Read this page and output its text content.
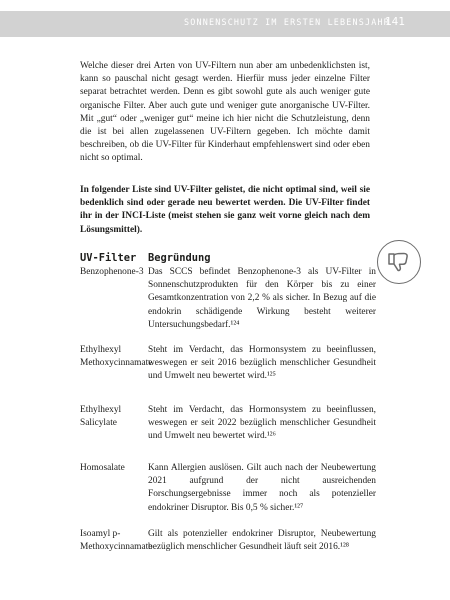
SONNENSCHUTZ IM ERSTEN LEBENSJAHR
141

Welche dieser drei Arten von UV-Filtern nun aber am unbedenklichsten ist, kann so pauschal nicht gesagt werden. Hierfür muss jeder einzelne Filter separat betrachtet werden. Denn es gibt sowohl gute als auch weniger gute organische Filter. Aber auch gute und weniger gute anorganische UV-Filter. Mit „gut“ oder „weniger gut“ meine ich hier nicht die Schutzleistung, denn die ist bei allen zugelassenen UV-Filtern gegeben. Ich möchte damit beschreiben, ob die UV-Filter für Kinderhaut empfehlenswert sind oder eben nicht so optimal.

In folgender Liste sind UV-Filter gelistet, die nicht optimal sind, weil sie bedenklich sind oder gerade neu bewertet werden. Die UV-Filter findet ihr in der INCI-Liste (meist stehen sie ganz weit vorne gleich nach dem Lösungsmittel).

UV-Filter Begründung
Benzophenone-3 Das SCCS befindet Benzophenone-3 als UV-Filter in Sonnenschutzprodukten für den Körper bis zu einer Gesamtkonzentration von 2,2 % als sicher. In Bezug auf die endokrin schädigende Wirkung besteht weiterer Untersuchungsbedarf.¹²⁴
Ethylhexyl Methoxycinnamate
Steht im Verdacht, das Hormonsystem zu beeinflussen, weswegen er seit 2016 bezüglich menschlicher Gesundheit und Umwelt neu bewertet wird.¹²⁵
Ethylhexyl Salicylate
Steht im Verdacht, das Hormonsystem zu beeinflussen, weswegen er seit 2022 bezüglich menschlicher Gesundheit und Umwelt neu bewertet wird.¹²⁶
Homosalate	Kann Allergien auslösen. Gilt auch nach der Neubewertung 2021 aufgrund der nicht ausreichenden Forschungsergebnisse immer noch als potenzieller endokriner Disruptor. Bis 0,5 % sicher.¹²⁷
Isoamyl p-Methoxycinnamate
Gilt als potenzieller endokriner Disruptor, Neubewertung bezüglich menschlicher Gesundheit läuft seit 2016.¹²⁸
